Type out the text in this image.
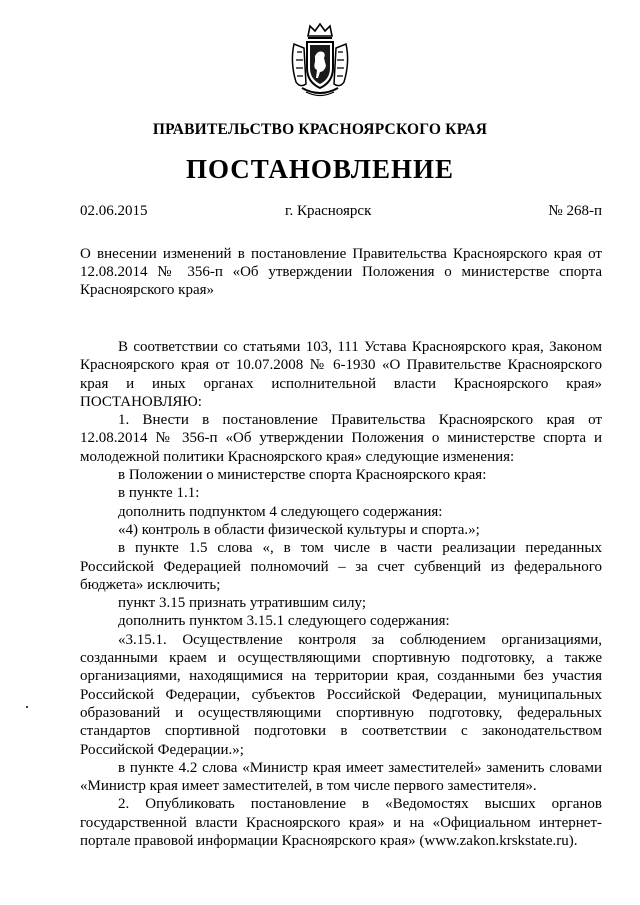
ПРАВИТЕЛЬСТВО КРАСНОЯРСКОГО КРАЯ
ПОСТАНОВЛЕНИЕ
02.06.2015	г. Красноярск	№ 268-п
О внесении изменений в постановление Правительства Красноярского края от 12.08.2014 № 356-п «Об утверждении Положения о министерстве спорта Красноярского края»

В соответствии со статьями 103, 111 Устава Красноярского края, Законом Красноярского края от 10.07.2008 № 6-1930 «О Правительстве Красноярского края и иных органах исполнительной власти Красноярского края» ПОСТАНОВЛЯЮ:

1. Внести в постановление Правительства Красноярского края от 12.08.2014 № 356-п «Об утверждении Положения о министерстве спорта и молодежной политики Красноярского края» следующие изменения:

в Положении о министерстве спорта Красноярского края:

в пункте 1.1:

дополнить подпунктом 4 следующего содержания:

«4) контроль в области физической культуры и спорта.»;

в пункте 1.5 слова «, в том числе в части реализации переданных Российской Федерацией полномочий – за счет субвенций из федерального бюджета» исключить;

пункт 3.15 признать утратившим силу;

дополнить пунктом 3.15.1 следующего содержания:

«3.15.1. Осуществление контроля за соблюдением организациями, созданными краем и осуществляющими спортивную подготовку, а также организациями, находящимися на территории края, созданными без участия Российской Федерации, субъектов Российской Федерации, муниципальных образований и осуществляющими спортивную подготовку, федеральных стандартов спортивной подготовки в соответствии с законодательством Российской Федерации.»;

в пункте 4.2 слова «Министр края имеет заместителей» заменить словами «Министр края имеет заместителей, в том числе первого заместителя».

2. Опубликовать постановление в «Ведомостях высших органов государственной власти Красноярского края» и на «Официальном интернет-портале правовой информации Красноярского края» (www.zakon.krskstate.ru).
